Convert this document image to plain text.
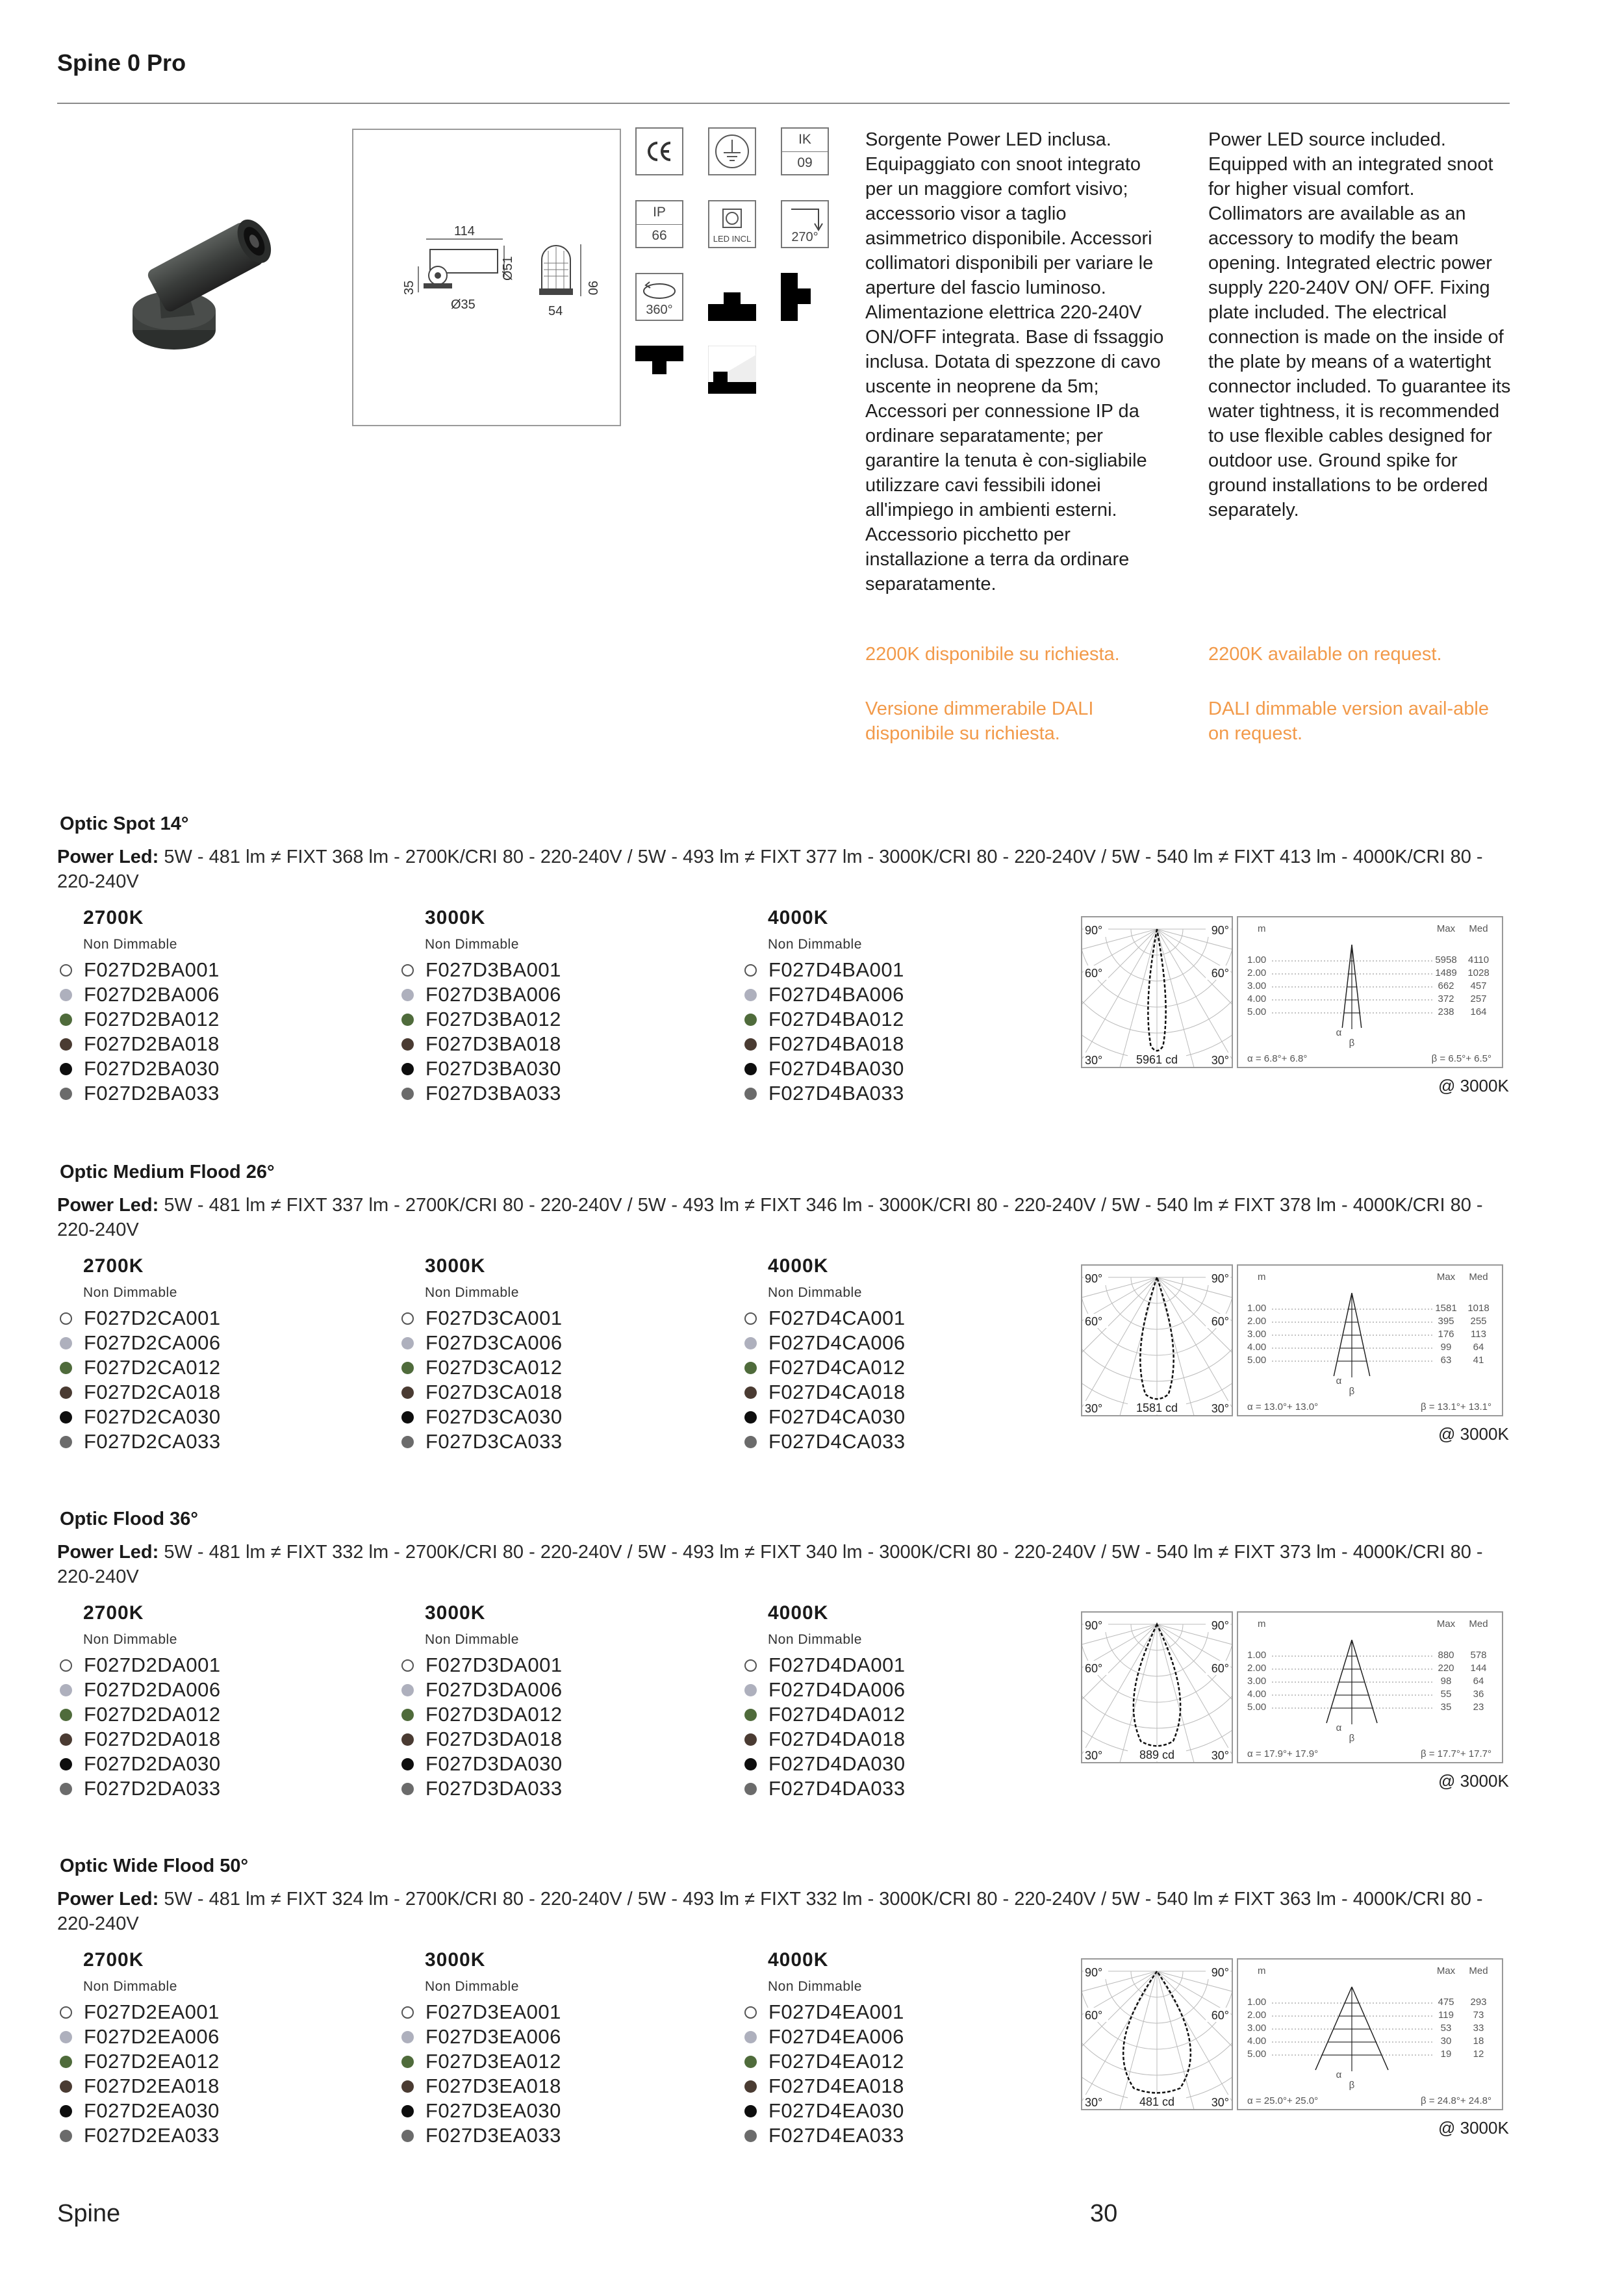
Spine 0 Pro
114
Ø51
35
Ø35
90
54
IK
09
IP
66	LED INCL	270°
360°
Sorgente Power LED inclusa. Equipaggiato con snoot integrato per un maggiore comfort visivo; accessorio visor a taglio asimmetrico disponibile. Accessori collimatori disponibili per variare le aperture del fascio luminoso. Alimentazione elettrica 220-240V ON/OFF integrata. Base di fssaggio inclusa. Dotata di spezzone di cavo uscente in neoprene da 5m; Accessori per connessione IP da ordinare separatamente; per garantire la tenuta è con-sigliabile utilizzare cavi fessibili idonei all'impiego in ambienti esterni. Accessorio picchetto per installazione a terra da ordinare separatamente.
2200K disponibile su richiesta.
Versione dimmerabile DALI disponibile su richiesta.
Power LED source included. Equipped with an integrated snoot for higher visual comfort. Collimators are available as an accessory to modify the beam opening. Integrated electric power supply 220-240V ON/ OFF. Fixing plate included. The electrical connection is made on the inside of the plate by means of a watertight connector included. To guarantee its water tightness, it is recommended to use flexible cables designed for outdoor use. Ground spike for ground installations to be ordered separately.
2200K available on request.
DALI dimmable version avail-able on request.
Optic Spot 14°
Power Led: 5W - 481 lm ≠ FIXT 368 lm - 2700K/CRI 80 - 220-240V / 5W - 493 lm ≠ FIXT 377 lm - 3000K/CRI 80 - 220-240V / 5W - 540 lm ≠ FIXT 413 lm - 4000K/CRI 80 - 220-240V
2700K
Non Dimmable
F027D2BA001
F027D2BA006
F027D2BA012
F027D2BA018
F027D2BA030
F027D2BA033
3000K
Non Dimmable
F027D3BA001
F027D3BA006
F027D3BA012
F027D3BA018
F027D3BA030
F027D3BA033
4000K
Non Dimmable
F027D4BA001
F027D4BA006
F027D4BA012
F027D4BA018
F027D4BA030
F027D4BA033
90°	90°
60°	60°
30°	30°
5961 cd
m	Max Med
1.00	5958 4110
2.00	1489 1028
3.00	662 457
4.00	372 257
5.00	238 164
α
β
α = 6.8°+ 6.8°	β = 6.5°+ 6.5°
@ 3000K
Optic Medium Flood 26°
Power Led: 5W - 481 lm ≠ FIXT 337 lm - 2700K/CRI 80 - 220-240V / 5W - 493 lm ≠ FIXT 346 lm - 3000K/CRI 80 - 220-240V / 5W - 540 lm ≠ FIXT 378 lm - 4000K/CRI 80 - 220-240V
2700K
Non Dimmable
F027D2CA001
F027D2CA006
F027D2CA012
F027D2CA018
F027D2CA030
F027D2CA033
3000K
Non Dimmable
F027D3CA001
F027D3CA006
F027D3CA012
F027D3CA018
F027D3CA030
F027D3CA033
4000K
Non Dimmable
F027D4CA001
F027D4CA006
F027D4CA012
F027D4CA018
F027D4CA030
F027D4CA033
90°	90°
60°	60°
30°	30°
1581 cd
m	Max Med
1.00	1581 1018
2.00	395 255
3.00	176 113
4.00	99 64
5.00	63 41
α
β
α = 13.0°+ 13.0°	β = 13.1°+ 13.1°
@ 3000K
Optic Flood 36°
Power Led: 5W - 481 lm ≠ FIXT 332 lm - 2700K/CRI 80 - 220-240V / 5W - 493 lm ≠ FIXT 340 lm - 3000K/CRI 80 - 220-240V / 5W - 540 lm ≠ FIXT 373 lm - 4000K/CRI 80 - 220-240V
2700K
Non Dimmable
F027D2DA001
F027D2DA006
F027D2DA012
F027D2DA018
F027D2DA030
F027D2DA033
3000K
Non Dimmable
F027D3DA001
F027D3DA006
F027D3DA012
F027D3DA018
F027D3DA030
F027D3DA033
4000K
Non Dimmable
F027D4DA001
F027D4DA006
F027D4DA012
F027D4DA018
F027D4DA030
F027D4DA033
90°	90°
60°	60°
30°	30°
889 cd
m	Max Med
1.00	880 578
2.00	220 144
3.00	98 64
4.00	55 36
5.00	35 23
α
β
α = 17.9°+ 17.9°	β = 17.7°+ 17.7°
@ 3000K
Optic Wide Flood 50°
Power Led: 5W - 481 lm ≠ FIXT 324 lm - 2700K/CRI 80 - 220-240V / 5W - 493 lm ≠ FIXT 332 lm - 3000K/CRI 80 - 220-240V / 5W - 540 lm ≠ FIXT 363 lm - 4000K/CRI 80 - 220-240V
2700K
Non Dimmable
F027D2EA001
F027D2EA006
F027D2EA012
F027D2EA018
F027D2EA030
F027D2EA033
3000K
Non Dimmable
F027D3EA001
F027D3EA006
F027D3EA012
F027D3EA018
F027D3EA030
F027D3EA033
4000K
Non Dimmable
F027D4EA001
F027D4EA006
F027D4EA012
F027D4EA018
F027D4EA030
F027D4EA033
90°	90°
60°	60°
30°	30°
481 cd
m	Max Med
1.00	475 293
2.00	119 73
3.00	53 33
4.00	30 18
5.00	19 12
α
β
α = 25.0°+ 25.0°	β = 24.8°+ 24.8°
@ 3000K
Spine	30
